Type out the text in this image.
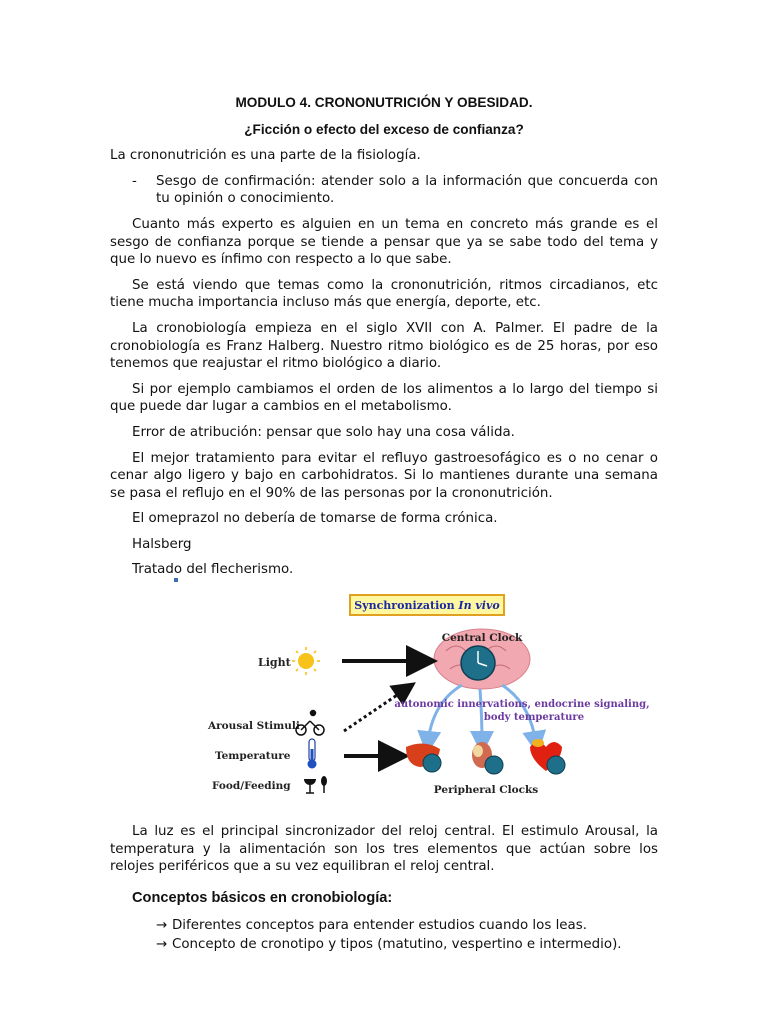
MODULO 4. CRONONUTRICIÓN Y OBESIDAD.
¿Ficción o efecto del exceso de confianza?

La crononutrición es una parte de la fisiología.

-	Sesgo de confirmación: atender solo a la información que concuerda con tu opinión o conocimiento.

Cuanto más experto es alguien en un tema en concreto más grande es el sesgo de confianza porque se tiende a pensar que ya se sabe todo del tema y que lo nuevo es ínfimo con respecto a lo que sabe.

Se está viendo que temas como la crononutrición, ritmos circadianos, etc tiene mucha importancia incluso más que energía, deporte, etc.

La cronobiología empieza en el siglo XVII con A. Palmer. El padre de la cronobiología es Franz Halberg. Nuestro ritmo biológico es de 25 horas, por eso tenemos que reajustar el ritmo biológico a diario.

Si por ejemplo cambiamos el orden de los alimentos a lo largo del tiempo si que puede dar lugar a cambios en el metabolismo.

Error de atribución: pensar que solo hay una cosa válida.

El mejor tratamiento para evitar el refluyo gastroesofágico es o no cenar o cenar algo ligero y bajo en carbohidratos. Si lo mantienes durante una semana se pasa el reflujo en el 90% de las personas por la crononutrición.

El omeprazol no debería de tomarse de forma crónica.

Halsberg

Tratado del flecherismo.

Synchronization In vivo
Central Clock
Light
Arousal Stimuli
Temperature
Food/Feeding
autonomic innervations, endocrine signaling,
body temperature
Peripheral Clocks

La luz es el principal sincronizador del reloj central. El estimulo Arousal, la temperatura y la alimentación son los tres elementos que actúan sobre los relojes periféricos que a su vez equilibran el reloj central.

Conceptos básicos en cronobiología:
→ Diferentes conceptos para entender estudios cuando los leas.
→ Concepto de cronotipo y tipos (matutino, vespertino e intermedio).
